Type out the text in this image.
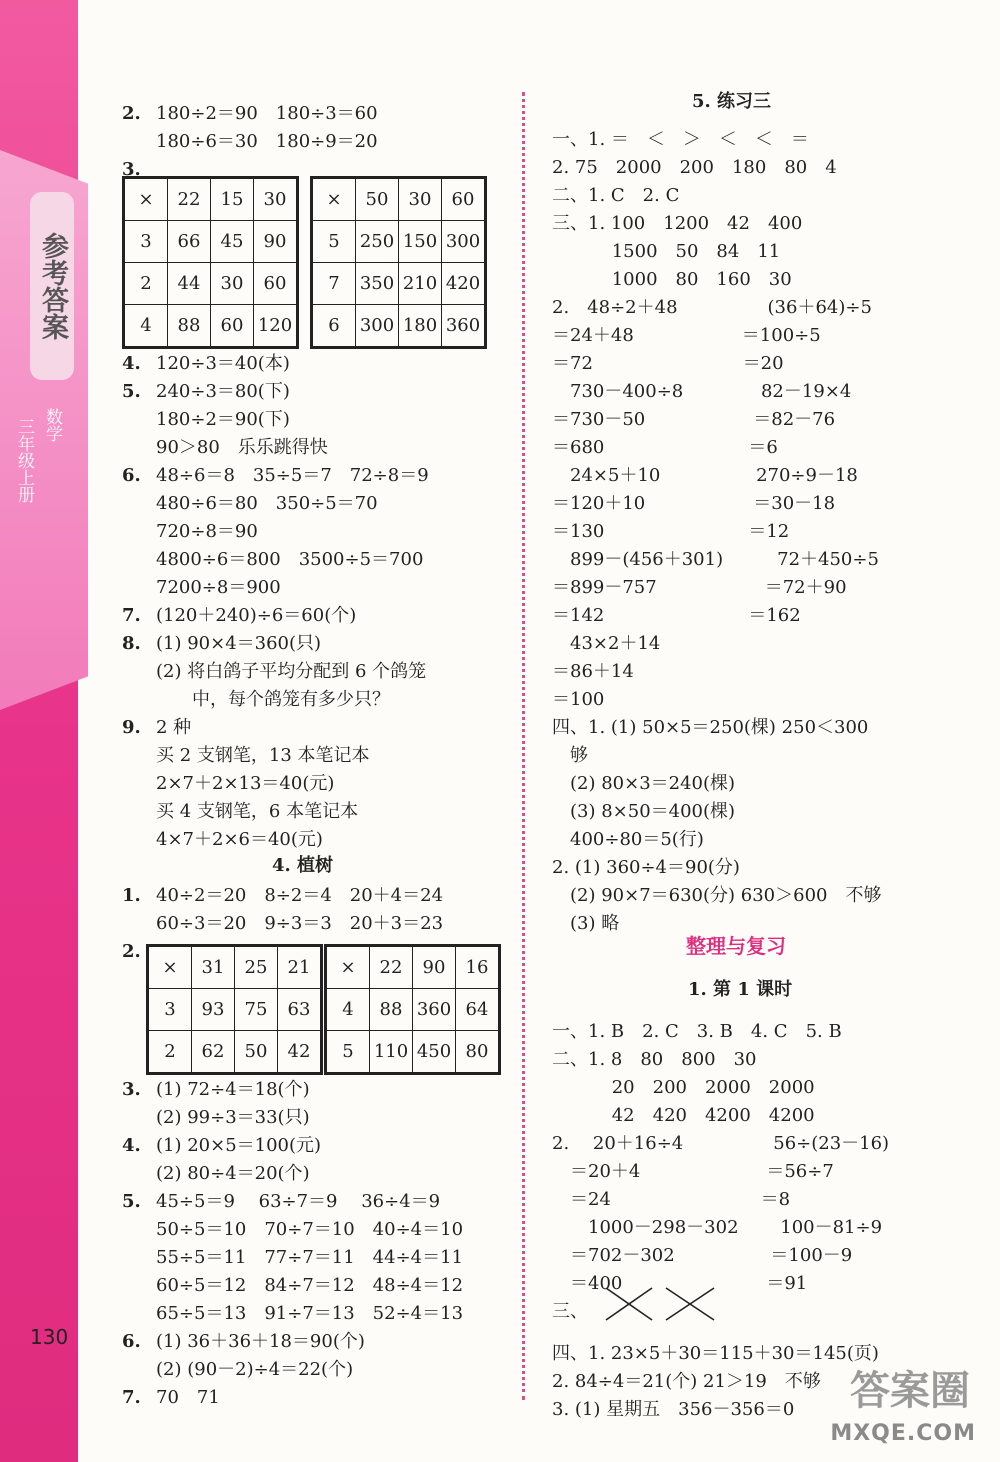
参考答案
数学
三年级上册
130
4. 植树
×	22	15	30
3	66	45	90
2	44	30	60
4	88	60	120
×	50	30	60
5	250	150	300
7	350	210	420
6	300	180	360
×	31	25	21
3	93	75	63
2	62	50	42
×	22	90	16
4	88	360	64
5	110	450	80
2. 180÷2＝90　180÷3＝60
180÷6＝30　180÷9＝20
3.
4. 120÷3＝40(本)
5. 240÷3＝80(下)
180÷2＝90(下)
90＞80　乐乐跳得快
6. 48÷6＝8　35÷5＝7　72÷8＝9
480÷6＝80　350÷5＝70
720÷8＝90
4800÷6＝800　3500÷5＝700
7200÷8＝900
7. (120＋240)÷6＝60(个)
8. (1) 90×4＝360(只)
(2) 将白鸽子平均分配到 6 个鸽笼
　　中，每个鸽笼有多少只？
9. 2 种
买 2 支钢笔，13 本笔记本
2×7＋2×13＝40(元)
买 4 支钢笔，6 本笔记本
4×7＋2×6＝40(元)
1. 40÷2＝20　8÷2＝4　20＋4＝24
60÷3＝20　9÷3＝3　20＋3＝23
2.
3. (1) 72÷4＝18(个)
(2) 99÷3＝33(只)
4. (1) 20×5＝100(元)
(2) 80÷4＝20(个)
5. 45÷5＝9　 63÷7＝9　 36÷4＝9
50÷5＝10　70÷7＝10　40÷4＝10
55÷5＝11　77÷7＝11　44÷4＝11
60÷5＝12　84÷7＝12　48÷4＝12
65÷5＝13　91÷7＝13　52÷4＝13
6. (1) 36＋36＋18＝90(个)
(2) (90－2)÷4＝22(个)
7. 70　71
5. 练习三
整理与复习
1. 第 1 课时
一、1. ＝　＜　＞　＜　＜　＝
2. 75　2000　200　180　80　4
二、1. C　2. C
三、1. 100　1200　42　400
　　　 1500　50　84　11
　　　 1000　80　160　30
2.　48÷2＋48　　　　　(36＋64)÷5
＝24＋48　　　　　　＝100÷5
＝72　　　　　　　　 ＝20
　730－400÷8　　　　 82－19×4
＝730－50　　　　　　＝82－76
＝680　　　　　　　　＝6
　24×5＋10　　　　　 270÷9－18
＝120＋10　　　　　　＝30－18
＝130　　　　　　　　＝12
　899－(456＋301)　　　72＋450÷5
＝899－757　　　　　　＝72＋90
＝142　　　　　　　　＝162
　43×2＋14
＝86＋14
＝100
四、1. (1) 50×5＝250(棵) 250＜300
　够
　(2) 80×3＝240(棵)
　(3) 8×50＝400(棵)
　400÷80＝5(行)
2. (1) 360÷4＝90(分)
　(2) 90×7＝630(分) 630＞600　不够
　(3) 略
一、1. B　2. C　3. B　4. C　5. B
二、1. 8　80　800　30
　　　 20　200　2000　2000
　　　 42　420　4200　4200
2.　 20＋16÷4　　　　　56÷(23－16)
　＝20＋4　　　　　　　＝56÷7
　＝24　　　　　　　　 ＝8
　　1000－298－302　　 100－81÷9
　＝702－302　　　　　 ＝100－9
　＝400　　　　　　　　＝91
三、
四、1. 23×5＋30＝115＋30＝145(页)
2. 84÷4＝21(个) 21＞19　不够
3. (1) 星期五　356－356＝0 答案圈
MXQE.COM
